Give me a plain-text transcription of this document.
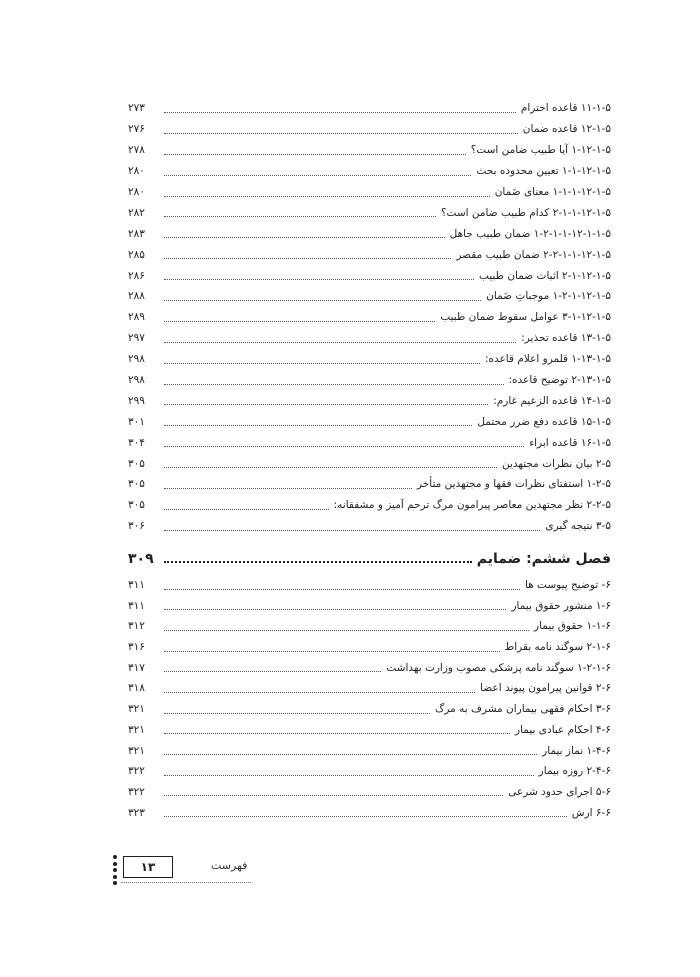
۱۱-۱-۵ قاعده احترام
۲۷۳
۱۲-۱-۵ قاعده ضمان
۲۷۶
۱-۱۲-۱-۵ آیا طبیب ضامن است؟
۲۷۸
۱-۱-۱۲-۱-۵ تعیین محدوده بحث
۲۸۰
۱-۱-۱-۱۲-۱-۵ معنای ضَمان
۲۸۰
۲-۱-۱-۱۲-۱-۵ کدام طبیب ضامن است؟
۲۸۲
۱-۲-۱-۱-۱۲-۱-۱-۵ ضمان طبیب جاهل
۲۸۳
۲-۲-۱-۱-۱۲-۱-۵ ضمان طبیب مقصر
۲۸۵
۲-۱-۱۲-۱-۵ اثبات ضمان طبیب
۲۸۶
۱-۲-۱-۱۲-۱-۵ موجباتِ ضَمان
۲۸۸
۳-۱-۱۲-۱-۵ عوامل سقوط ضمان طبیب
۲۸۹
۱۳-۱-۵ قاعده تحذیر:
۲۹۷
۱-۱۳-۱-۵ قلمرو اعلام قاعده:
۲۹۸
۲-۱۳-۱-۵ توضیح قاعده:
۲۹۸
۱۴-۱-۵ قاعده الزعیم غارم:
۲۹۹
۱۵-۱-۵ قاعده دفع ضرر محتمل
۳۰۱
۱۶-۱-۵ قاعده ابراء
۳۰۴
۲-۵ بیان نظرات مجتهدین
۳۰۵
۱-۲-۵ استفتای نظرات فقها و مجتهدین متأخر
۳۰۵
۲-۲-۵ نظر مجتهدین معاصر پیرامون مرگ ترحم آمیز و مشفقانه:
۳۰۵
۳-۵ نتیجه گیری
۳۰۶
فصل ششم: ضمایم
۳۰۹
۶- توضیح پیوست ها
۳۱۱
۱-۶ منشور حقوق بیمار
۳۱۱
۱-۱-۶ حقوق بیمار
۳۱۲
۲-۱-۶ سوگند نامه بقراط
۳۱۶
۱-۲-۱-۶ سوگند نامه پزشکی مصوب وزارت بهداشت
۳۱۷
۲-۶ قوانین پیرامون پیوند اعضا
۳۱۸
۳-۶ احکام فقهی بیماران مشرف به مرگ
۳۲۱
۴-۶ احکام عبادی بیمار
۳۲۱
۱-۴-۶ نماز بیمار
۳۲۱
۲-۴-۶ روزه بیمار
۳۲۲
۵-۶ اجرای حدود شرعی
۳۲۲
۶-۶ ارش
۳۲۳
۱۳	فهرست
